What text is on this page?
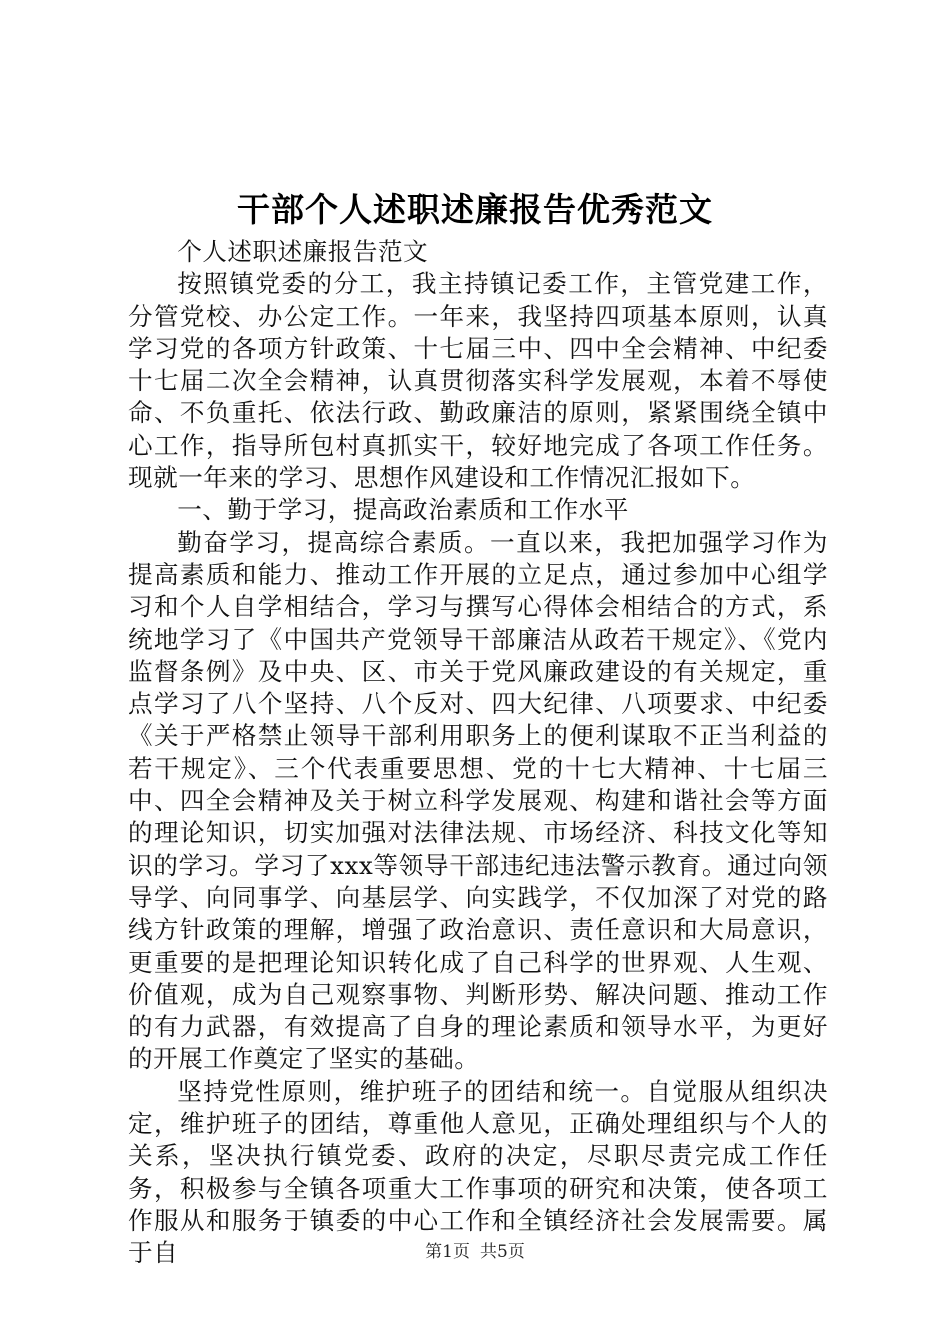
干部个人述职述廉报告优秀范文

个人述职述廉报告范文

按照镇党委的分工，我主持镇记委工作，主管党建工作，分管党校、办公定工作。一年来，我坚持四项基本原则，认真学习党的各项方针政策、十七届三中、四中全会精神、中纪委十七届二次全会精神，认真贯彻落实科学发展观，本着不辱使命、不负重托、依法行政、勤政廉洁的原则，紧紧围绕全镇中心工作，指导所包村真抓实干，较好地完成了各项工作任务。现就一年来的学习、思想作风建设和工作情况汇报如下。

一、勤于学习，提高政治素质和工作水平

勤奋学习，提高综合素质。一直以来，我把加强学习作为提高素质和能力、推动工作开展的立足点，通过参加中心组学习和个人自学相结合，学习与撰写心得体会相结合的方式，系统地学习了《中国共产党领导干部廉洁从政若干规定》、《党内监督条例》及中央、区、市关于党风廉政建设的有关规定，重点学习了八个坚持、八个反对、四大纪律、八项要求、中纪委《关于严格禁止领导干部利用职务上的便利谋取不正当利益的若干规定》、三个代表重要思想、党的十七大精神、十七届三中、四全会精神及关于树立科学发展观、构建和谐社会等方面的理论知识，切实加强对法律法规、市场经济、科技文化等知识的学习。学习了xxx等领导干部违纪违法警示教育。通过向领导学、向同事学、向基层学、向实践学，不仅加深了对党的路线方针政策的理解，增强了政治意识、责任意识和大局意识，更重要的是把理论知识转化成了自己科学的世界观、人生观、价值观，成为自己观察事物、判断形势、解决问题、推动工作的有力武器，有效提高了自身的理论素质和领导水平，为更好的开展工作奠定了坚实的基础。

坚持党性原则，维护班子的团结和统一。自觉服从组织决定，维护班子的团结，尊重他人意见，正确处理组织与个人的关系，坚决执行镇党委、政府的决定，尽职尽责完成工作任务，积极参与全镇各项重大工作事项的研究和决策，使各项工作服从和服务于镇委的中心工作和全镇经济社会发展需要。属于自	第1页 共5页
